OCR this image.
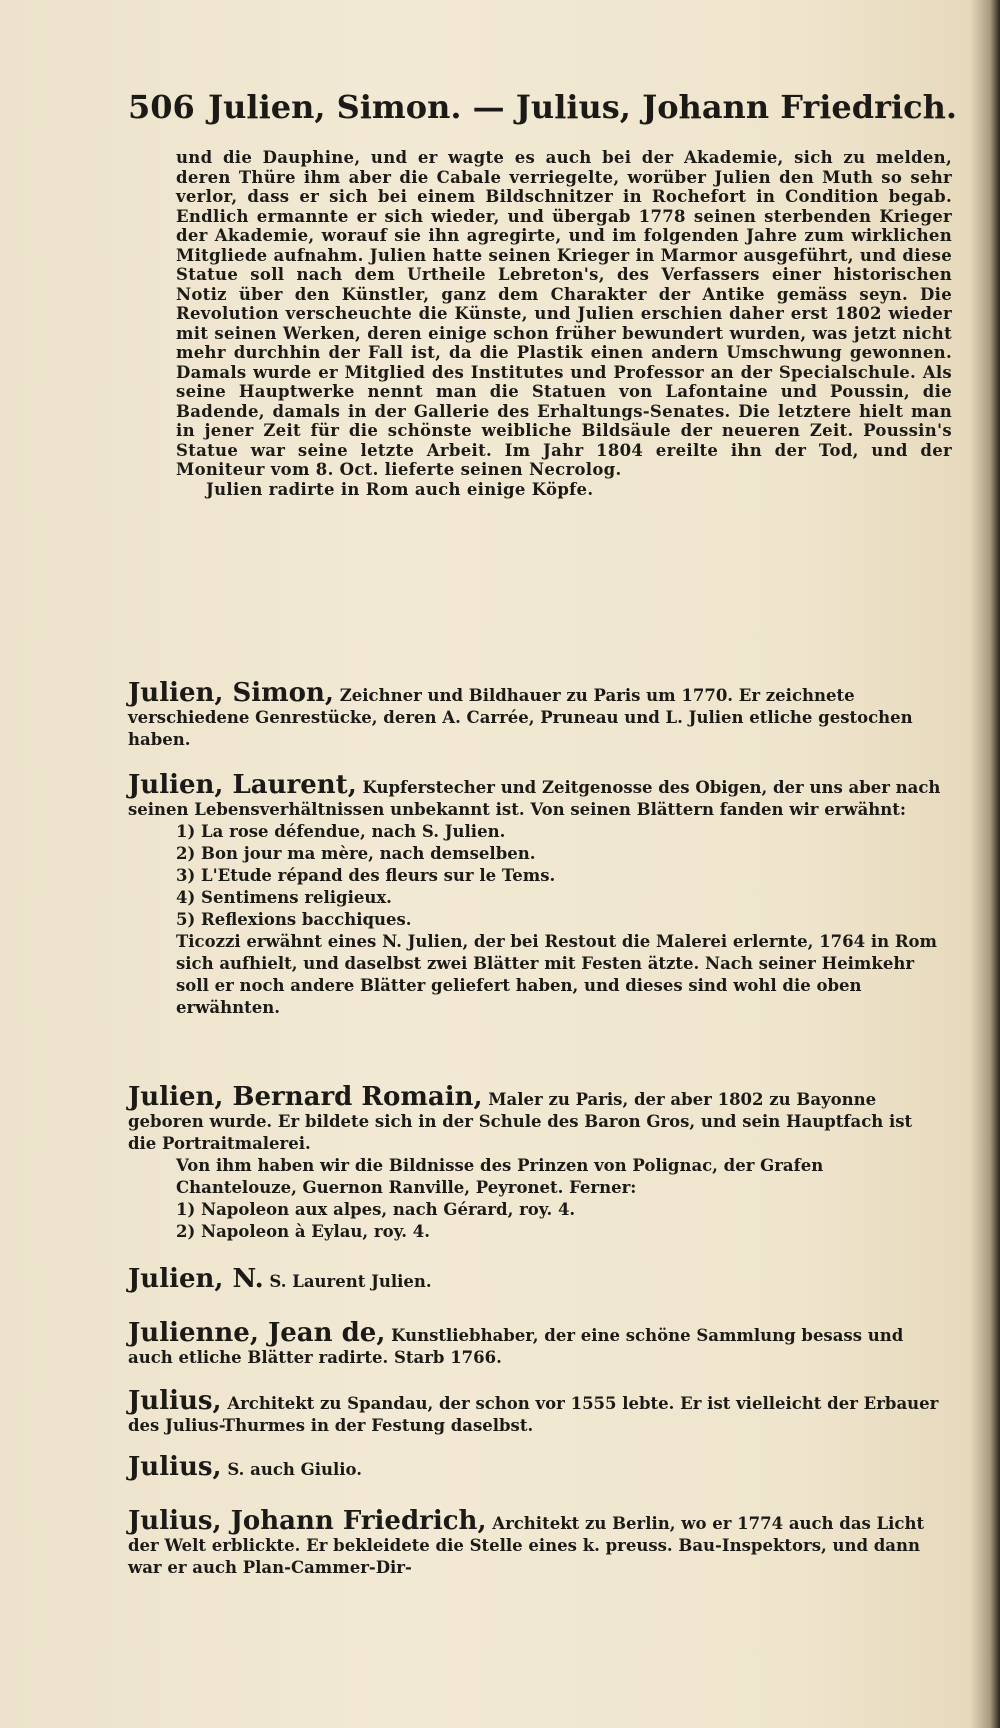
506 Julien, Simon. — Julius, Johann Friedrich.

und die Dauphine, und er wagte es auch bei der Akademie, sich zu melden, deren Thüre ihm aber die Cabale verriegelte, worüber Julien den Muth so sehr verlor, dass er sich bei einem Bildschnitzer in Rochefort in Condition begab. Endlich ermannte er sich wieder, und übergab 1778 seinen sterbenden Krieger der Akademie, worauf sie ihn agregirte, und im folgenden Jahre zum wirklichen Mitgliede aufnahm. Julien hatte seinen Krieger in Marmor ausgeführt, und diese Statue soll nach dem Urtheile Lebreton's, des Verfassers einer historischen Notiz über den Künstler, ganz dem Charakter der Antike gemäss seyn. Die Revolution verscheuchte die Künste, und Julien erschien daher erst 1802 wieder mit seinen Werken, deren einige schon früher bewundert wurden, was jetzt nicht mehr durchhin der Fall ist, da die Plastik einen andern Umschwung gewonnen. Damals wurde er Mitglied des Institutes und Professor an der Specialschule. Als seine Hauptwerke nennt man die Statuen von Lafontaine und Poussin, die Badende, damals in der Gallerie des Erhaltungs-Senates. Die letztere hielt man in jener Zeit für die schönste weibliche Bildsäule der neueren Zeit. Poussin's Statue war seine letzte Arbeit. Im Jahr 1804 ereilte ihn der Tod, und der Moniteur vom 8. Oct. lieferte seinen Necrolog.

Julien radirte in Rom auch einige Köpfe.

Julien, Simon, Zeichner und Bildhauer zu Paris um 1770. Er zeichnete verschiedene Genrestücke, deren A. Carrée, Pruneau und L. Julien etliche gestochen haben.
Julien, Laurent, Kupferstecher und Zeitgenosse des Obigen, der uns aber nach seinen Lebensverhältnissen unbekannt ist. Von seinen Blättern fanden wir erwähnt:
1) La rose défendue, nach S. Julien.
2) Bon jour ma mère, nach demselben.
3) L'Etude répand des fleurs sur le Tems.
4) Sentimens religieux.
5) Reflexions bacchiques.
Ticozzi erwähnt eines N. Julien, der bei Restout die Malerei erlernte, 1764 in Rom sich aufhielt, und daselbst zwei Blätter mit Festen ätzte. Nach seiner Heimkehr soll er noch andere Blätter geliefert haben, und dieses sind wohl die oben erwähnten.
Julien, Bernard Romain, Maler zu Paris, der aber 1802 zu Bayonne geboren wurde. Er bildete sich in der Schule des Baron Gros, und sein Hauptfach ist die Portraitmalerei.
Von ihm haben wir die Bildnisse des Prinzen von Polignac, der Grafen Chantelouze, Guernon Ranville, Peyronet. Ferner:
1) Napoleon aux alpes, nach Gérard, roy. 4.
2) Napoleon à Eylau, roy. 4.
Julien, N. S. Laurent Julien.
Julienne, Jean de, Kunstliebhaber, der eine schöne Sammlung besass und auch etliche Blätter radirte. Starb 1766.
Julius, Architekt zu Spandau, der schon vor 1555 lebte. Er ist vielleicht der Erbauer des Julius-Thurmes in der Festung daselbst.
Julius, S. auch Giulio.
Julius, Johann Friedrich, Architekt zu Berlin, wo er 1774 auch das Licht der Welt erblickte. Er bekleidete die Stelle eines k. preuss. Bau-Inspektors, und dann war er auch Plan-Cammer-Dir-
